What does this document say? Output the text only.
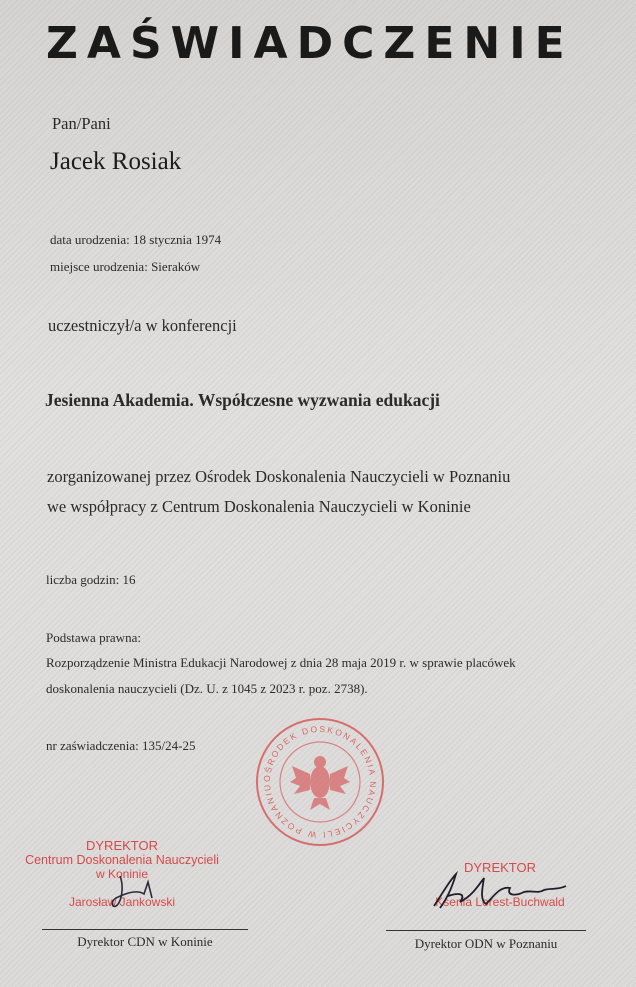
ZAŚWIADCZENIE
Pan/Pani
Jacek Rosiak
data urodzenia: 18 stycznia 1974
miejsce urodzenia: Sieraków
uczestniczył/a w konferencji
Jesienna Akademia. Współczesne wyzwania edukacji
zorganizowanej przez Ośrodek Doskonalenia Nauczycieli w Poznaniu
we współpracy z Centrum Doskonalenia Nauczycieli w Koninie
liczba godzin: 16
Podstawa prawna:
Rozporządzenie Ministra Edukacji Narodowej z dnia 28 maja 2019 r. w sprawie placówek
doskonalenia nauczycieli (Dz. U. z 1045 z 2023 r. poz. 2738).
nr zaświadczenia: 135/24-25
OŚRODEK DOSKONALENIA NAUCZYCIELI W POZNANIU
DYREKTOR
Centrum Doskonalenia Nauczycieli
w Koninie
Jarosław Jankowski
Dyrektor CDN w Koninie
DYREKTOR
Ksenia Lorest-Buchwald
Dyrektor ODN w Poznaniu
